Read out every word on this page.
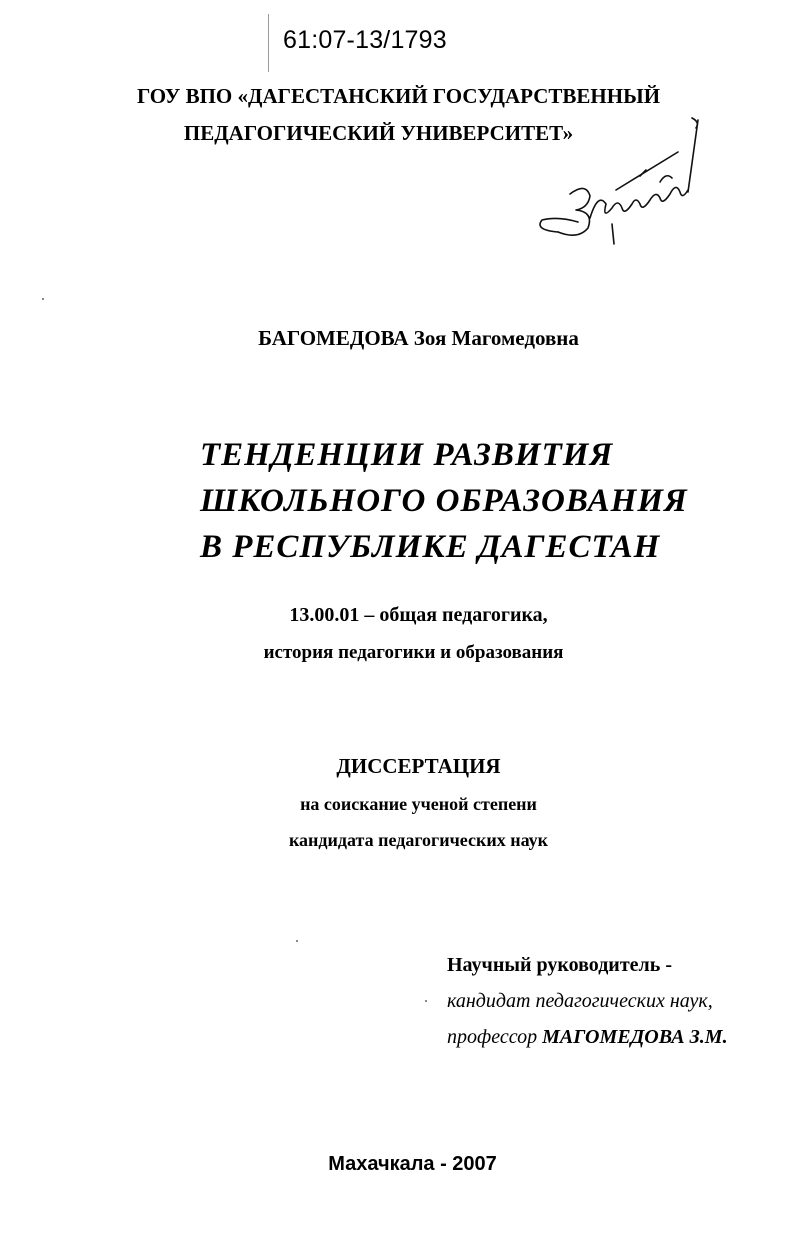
61:07-13/1793
ГОУ ВПО «ДАГЕСТАНСКИЙ ГОСУДАРСТВЕННЫЙ
ПЕДАГОГИЧЕСКИЙ УНИВЕРСИТЕТ»
БАГОМЕДОВА Зоя Магомедовна
ТЕНДЕНЦИИ РАЗВИТИЯ
ШКОЛЬНОГО ОБРАЗОВАНИЯ
В РЕСПУБЛИКЕ ДАГЕСТАН
13.00.01 – общая педагогика,
история педагогики и образования
ДИССЕРТАЦИЯ
на соискание ученой степени
кандидата педагогических наук
Научный руководитель -
кандидат педагогических наук,
профессор МАГОМЕДОВА З.М.
Махачкала - 2007
